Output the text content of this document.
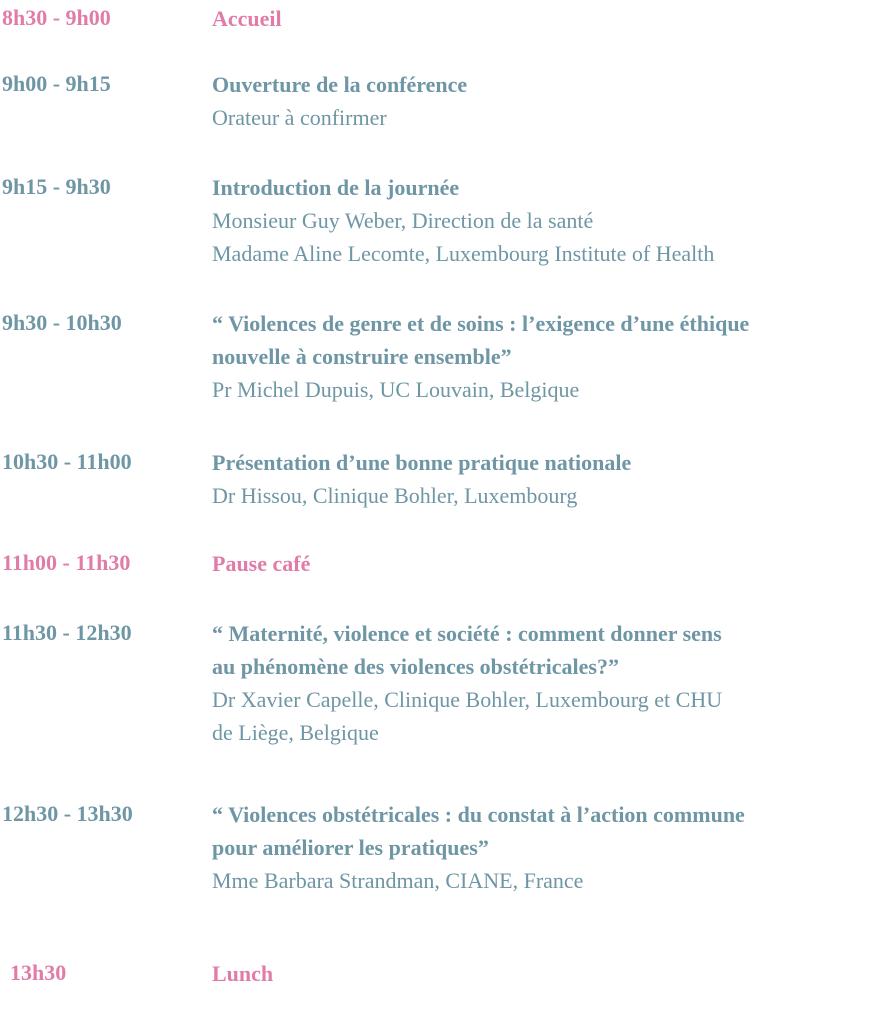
8h30 - 9h00	Accueil
9h00 - 9h15	Ouverture de la conférence
Orateur à confirmer
9h15 - 9h30	Introduction de la journée
Monsieur Guy Weber, Direction de la santé
Madame Aline Lecomte, Luxembourg Institute of Health
9h30 - 10h30	“ Violences de genre et de soins : l’exigence d’une éthique
nouvelle à construire ensemble”
Pr Michel Dupuis, UC Louvain, Belgique
10h30 - 11h00	Présentation d’une bonne pratique nationale
Dr Hissou, Clinique Bohler, Luxembourg
11h00 - 11h30	Pause café
11h30 - 12h30	“ Maternité, violence et société : comment donner sens
au phénomène des violences obstétricales?”
Dr Xavier Capelle, Clinique Bohler, Luxembourg et CHU
de Liège, Belgique
12h30 - 13h30	“ Violences obstétricales : du constat à l’action commune
pour améliorer les pratiques”
Mme Barbara Strandman, CIANE, France
13h30	Lunch
